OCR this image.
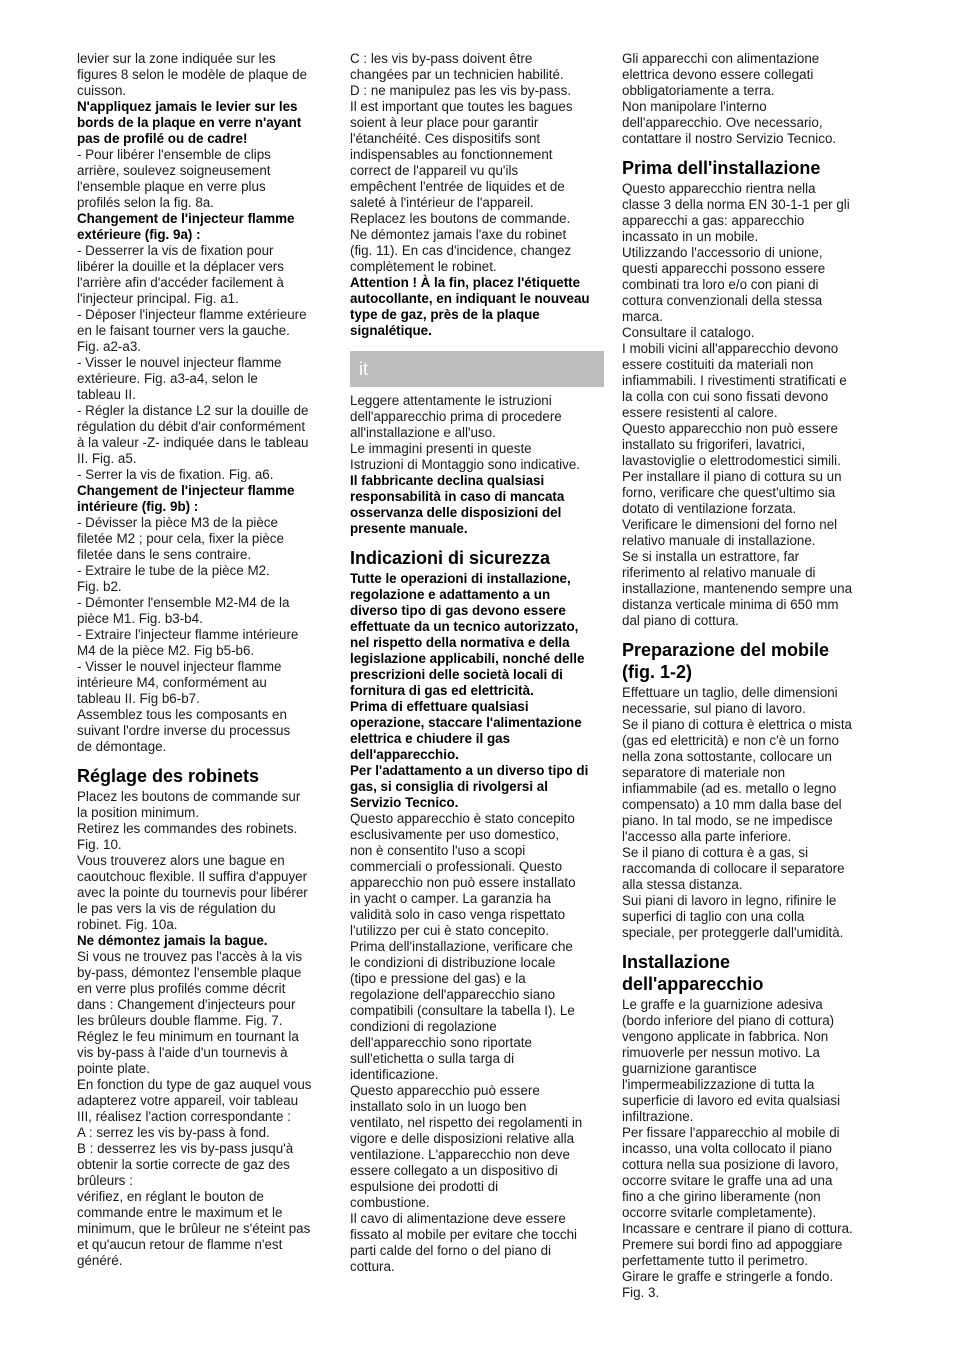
levier sur la zone indiquée sur les
figures 8 selon le modèle de plaque de
cuisson.

N'appliquez jamais le levier sur les
bords de la plaque en verre n'ayant
pas de profilé ou de cadre!

- Pour libérer l'ensemble de clips
arrière, soulevez soigneusement
l'ensemble plaque en verre plus
profilés selon la fig. 8a.

Changement de l'injecteur flamme
extérieure (fig. 9a) :

- Desserrer la vis de fixation pour
libérer la douille et la déplacer vers
l'arrière afin d'accéder facilement à
l'injecteur principal. Fig. a1.
- Déposer l'injecteur flamme extérieure
en le faisant tourner vers la gauche.
Fig. a2-a3.
- Visser le nouvel injecteur flamme
extérieure. Fig. a3-a4, selon le
tableau II.
- Régler la distance L2 sur la douille de
régulation du débit d'air conformément
à la valeur -Z- indiquée dans le tableau
II. Fig. a5.
- Serrer la vis de fixation. Fig. a6.

Changement de l'injecteur flamme
intérieure (fig. 9b) :

- Dévisser la pièce M3 de la pièce
filetée M2 ; pour cela, fixer la pièce
filetée dans le sens contraire.
- Extraire le tube de la pièce M2.
Fig. b2.
- Démonter l'ensemble M2-M4 de la
pièce M1. Fig. b3-b4.
- Extraire l'injecteur flamme intérieure
M4 de la pièce M2. Fig b5-b6.
- Visser le nouvel injecteur flamme
intérieure M4, conformément au
tableau II. Fig b6-b7.
Assemblez tous les composants en
suivant l'ordre inverse du processus
de démontage.

Réglage des robinets

Placez les boutons de commande sur
la position minimum.
Retirez les commandes des robinets.
Fig. 10.
Vous trouverez alors une bague en
caoutchouc flexible. Il suffira d'appuyer
avec la pointe du tournevis pour libérer
le pas vers la vis de régulation du
robinet. Fig. 10a.

Ne démontez jamais la bague.

Si vous ne trouvez pas l'accès à la vis
by-pass, démontez l'ensemble plaque
en verre plus profilés comme décrit
dans : Changement d'injecteurs pour
les brûleurs double flamme. Fig. 7.
Réglez le feu minimum en tournant la
vis by-pass à l'aide d'un tournevis à
pointe plate.
En fonction du type de gaz auquel vous
adapterez votre appareil, voir tableau
III, réalisez l'action correspondante :
A : serrez les vis by-pass à fond.
B : desserrez les vis by-pass jusqu'à
obtenir la sortie correcte de gaz des
brûleurs :
vérifiez, en réglant le bouton de
commande entre le maximum et le
minimum, que le brûleur ne s'éteint pas
et qu'aucun retour de flamme n'est
généré.

C : les vis by-pass doivent être
changées par un technicien habilité.
D : ne manipulez pas les vis by-pass.
Il est important que toutes les bagues
soient à leur place pour garantir
l'étanchéité. Ces dispositifs sont
indispensables au fonctionnement
correct de l'appareil vu qu'ils
empêchent l'entrée de liquides et de
saleté à l'intérieur de l'appareil.
Replacez les boutons de commande.
Ne démontez jamais l'axe du robinet
(fig. 11). En cas d'incidence, changez
complètement le robinet.

Attention ! À la fin, placez l'étiquette
autocollante, en indiquant le nouveau
type de gaz, près de la plaque
signalétique.

it

Leggere attentamente le istruzioni
dell'apparecchio prima di procedere
all'installazione e all'uso.
Le immagini presenti in queste
Istruzioni di Montaggio sono indicative.

Il fabbricante declina qualsiasi
responsabilità in caso di mancata
osservanza delle disposizioni del
presente manuale.

Indicazioni di sicurezza

Tutte le operazioni di installazione,
regolazione e adattamento a un
diverso tipo di gas devono essere
effettuate da un tecnico autorizzato,
nel rispetto della normativa e della
legislazione applicabili, nonché delle
prescrizioni delle società locali di
fornitura di gas ed elettricità.
Prima di effettuare qualsiasi
operazione, staccare l'alimentazione
elettrica e chiudere il gas
dell'apparecchio.
Per l'adattamento a un diverso tipo di
gas, si consiglia di rivolgersi al
Servizio Tecnico.

Questo apparecchio è stato concepito
esclusivamente per uso domestico,
non è consentito l'uso a scopi
commerciali o professionali. Questo
apparecchio non può essere installato
in yacht o camper. La garanzia ha
validità solo in caso venga rispettato
l'utilizzo per cui è stato concepito.
Prima dell'installazione, verificare che
le condizioni di distribuzione locale
(tipo e pressione del gas) e la
regolazione dell'apparecchio siano
compatibili (consultare la tabella I). Le
condizioni di regolazione
dell'apparecchio sono riportate
sull'etichetta o sulla targa di
identificazione.
Questo apparecchio può essere
installato solo in un luogo ben
ventilato, nel rispetto dei regolamenti in
vigore e delle disposizioni relative alla
ventilazione. L'apparecchio non deve
essere collegato a un dispositivo di
espulsione dei prodotti di
combustione.
Il cavo di alimentazione deve essere
fissato al mobile per evitare che tocchi
parti calde del forno o del piano di
cottura.

Gli apparecchi con alimentazione
elettrica devono essere collegati
obbligatoriamente a terra.
Non manipolare l'interno
dell'apparecchio. Ove necessario,
contattare il nostro Servizio Tecnico.

Prima dell'installazione

Questo apparecchio rientra nella
classe 3 della norma EN 30-1-1 per gli
apparecchi a gas: apparecchio
incassato in un mobile.
Utilizzando l'accessorio di unione,
questi apparecchi possono essere
combinati tra loro e/o con piani di
cottura convenzionali della stessa
marca.
Consultare il catalogo.
I mobili vicini all'apparecchio devono
essere costituiti da materiali non
infiammabili. I rivestimenti stratificati e
la colla con cui sono fissati devono
essere resistenti al calore.
Questo apparecchio non può essere
installato su frigoriferi, lavatrici,
lavastoviglie o elettrodomestici simili.
Per installare il piano di cottura su un
forno, verificare che quest'ultimo sia
dotato di ventilazione forzata.
Verificare le dimensioni del forno nel
relativo manuale di installazione.
Se si installa un estrattore, far
riferimento al relativo manuale di
installazione, mantenendo sempre una
distanza verticale minima di 650 mm
dal piano di cottura.

Preparazione del mobile
(fig. 1-2)

Effettuare un taglio, delle dimensioni
necessarie, sul piano di lavoro.
Se il piano di cottura è elettrica o mista
(gas ed elettricità) e non c'è un forno
nella zona sottostante, collocare un
separatore di materiale non
infiammabile (ad es. metallo o legno
compensato) a 10 mm dalla base del
piano. In tal modo, se ne impedisce
l'accesso alla parte inferiore.
Se il piano di cottura è a gas, si
raccomanda di collocare il separatore
alla stessa distanza.
Sui piani di lavoro in legno, rifinire le
superfici di taglio con una colla
speciale, per proteggerle dall'umidità.

Installazione
dell'apparecchio

Le graffe e la guarnizione adesiva
(bordo inferiore del piano di cottura)
vengono applicate in fabbrica. Non
rimuoverle per nessun motivo. La
guarnizione garantisce
l'impermeabilizzazione di tutta la
superficie di lavoro ed evita qualsiasi
infiltrazione.
Per fissare l'apparecchio al mobile di
incasso, una volta collocato il piano
cottura nella sua posizione di lavoro,
occorre svitare le graffe una ad una
fino a che girino liberamente (non
occorre svitarle completamente).
Incassare e centrare il piano di cottura.
Premere sui bordi fino ad appoggiare
perfettamente tutto il perimetro.
Girare le graffe e stringerle a fondo.
Fig. 3.
